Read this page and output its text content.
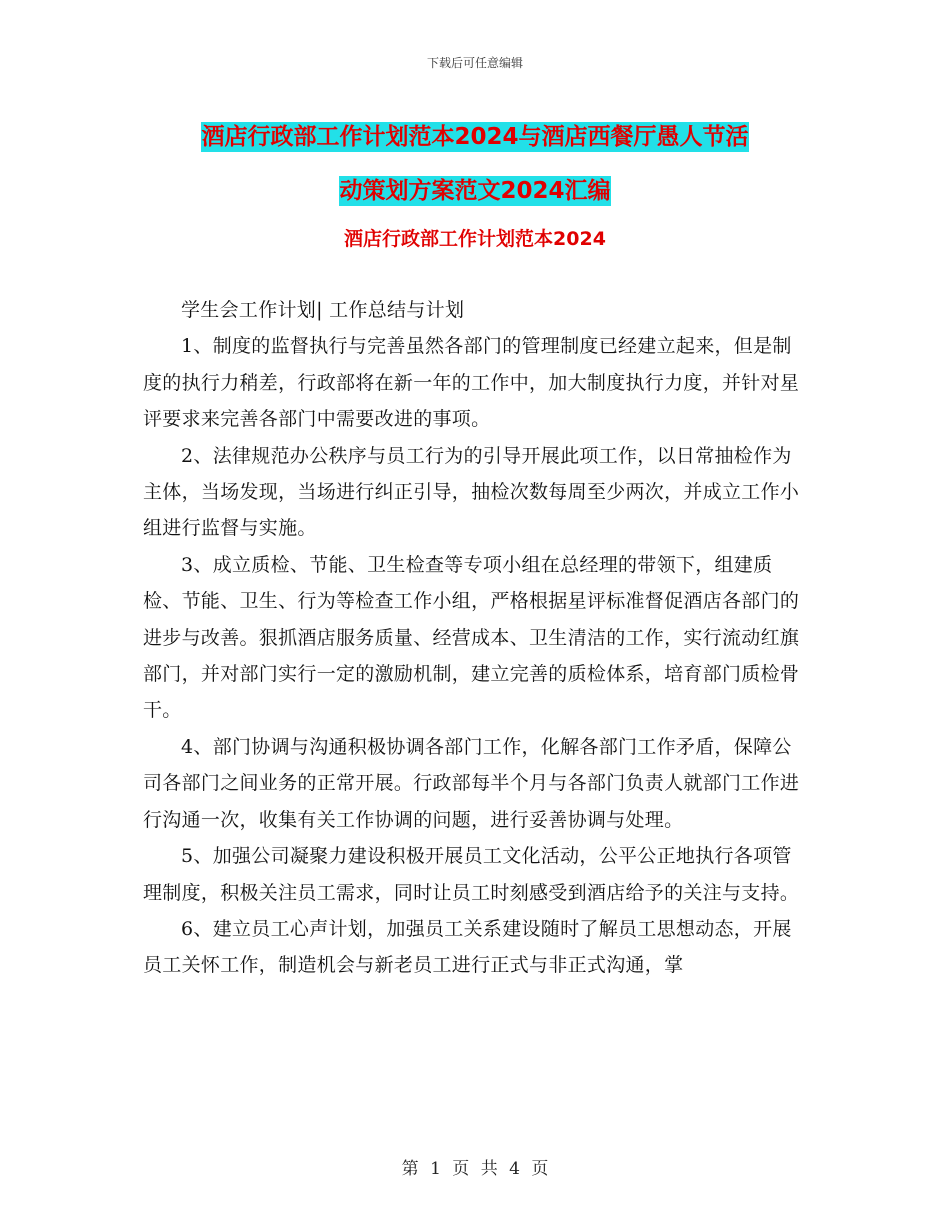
下载后可任意编辑
酒店行政部工作计划范本2024与酒店西餐厅愚人节活
动策划方案范文2024汇编
酒店行政部工作计划范本2024

学生会工作计划| 工作总结与计划

1、制度的监督执行与完善虽然各部门的管理制度已经建立起来，但是制度的执行力稍差，行政部将在新一年的工作中，加大制度执行力度，并针对星评要求来完善各部门中需要改进的事项。

2、法律规范办公秩序与员工行为的引导开展此项工作，以日常抽检作为主体，当场发现，当场进行纠正引导，抽检次数每周至少两次，并成立工作小组进行监督与实施。

3、成立质检、节能、卫生检查等专项小组在总经理的带领下，组建质检、节能、卫生、行为等检查工作小组，严格根据星评标准督促酒店各部门的进步与改善。狠抓酒店服务质量、经营成本、卫生清洁的工作，实行流动红旗部门，并对部门实行一定的激励机制，建立完善的质检体系，培育部门质检骨干。

4、部门协调与沟通积极协调各部门工作，化解各部门工作矛盾，保障公司各部门之间业务的正常开展。行政部每半个月与各部门负责人就部门工作进行沟通一次，收集有关工作协调的问题，进行妥善协调与处理。

5、加强公司凝聚力建设积极开展员工文化活动，公平公正地执行各项管理制度，积极关注员工需求，同时让员工时刻感受到酒店给予的关注与支持。

6、建立员工心声计划，加强员工关系建设随时了解员工思想动态，开展员工关怀工作，制造机会与新老员工进行正式与非正式沟通，掌

第 1 页 共 4 页
